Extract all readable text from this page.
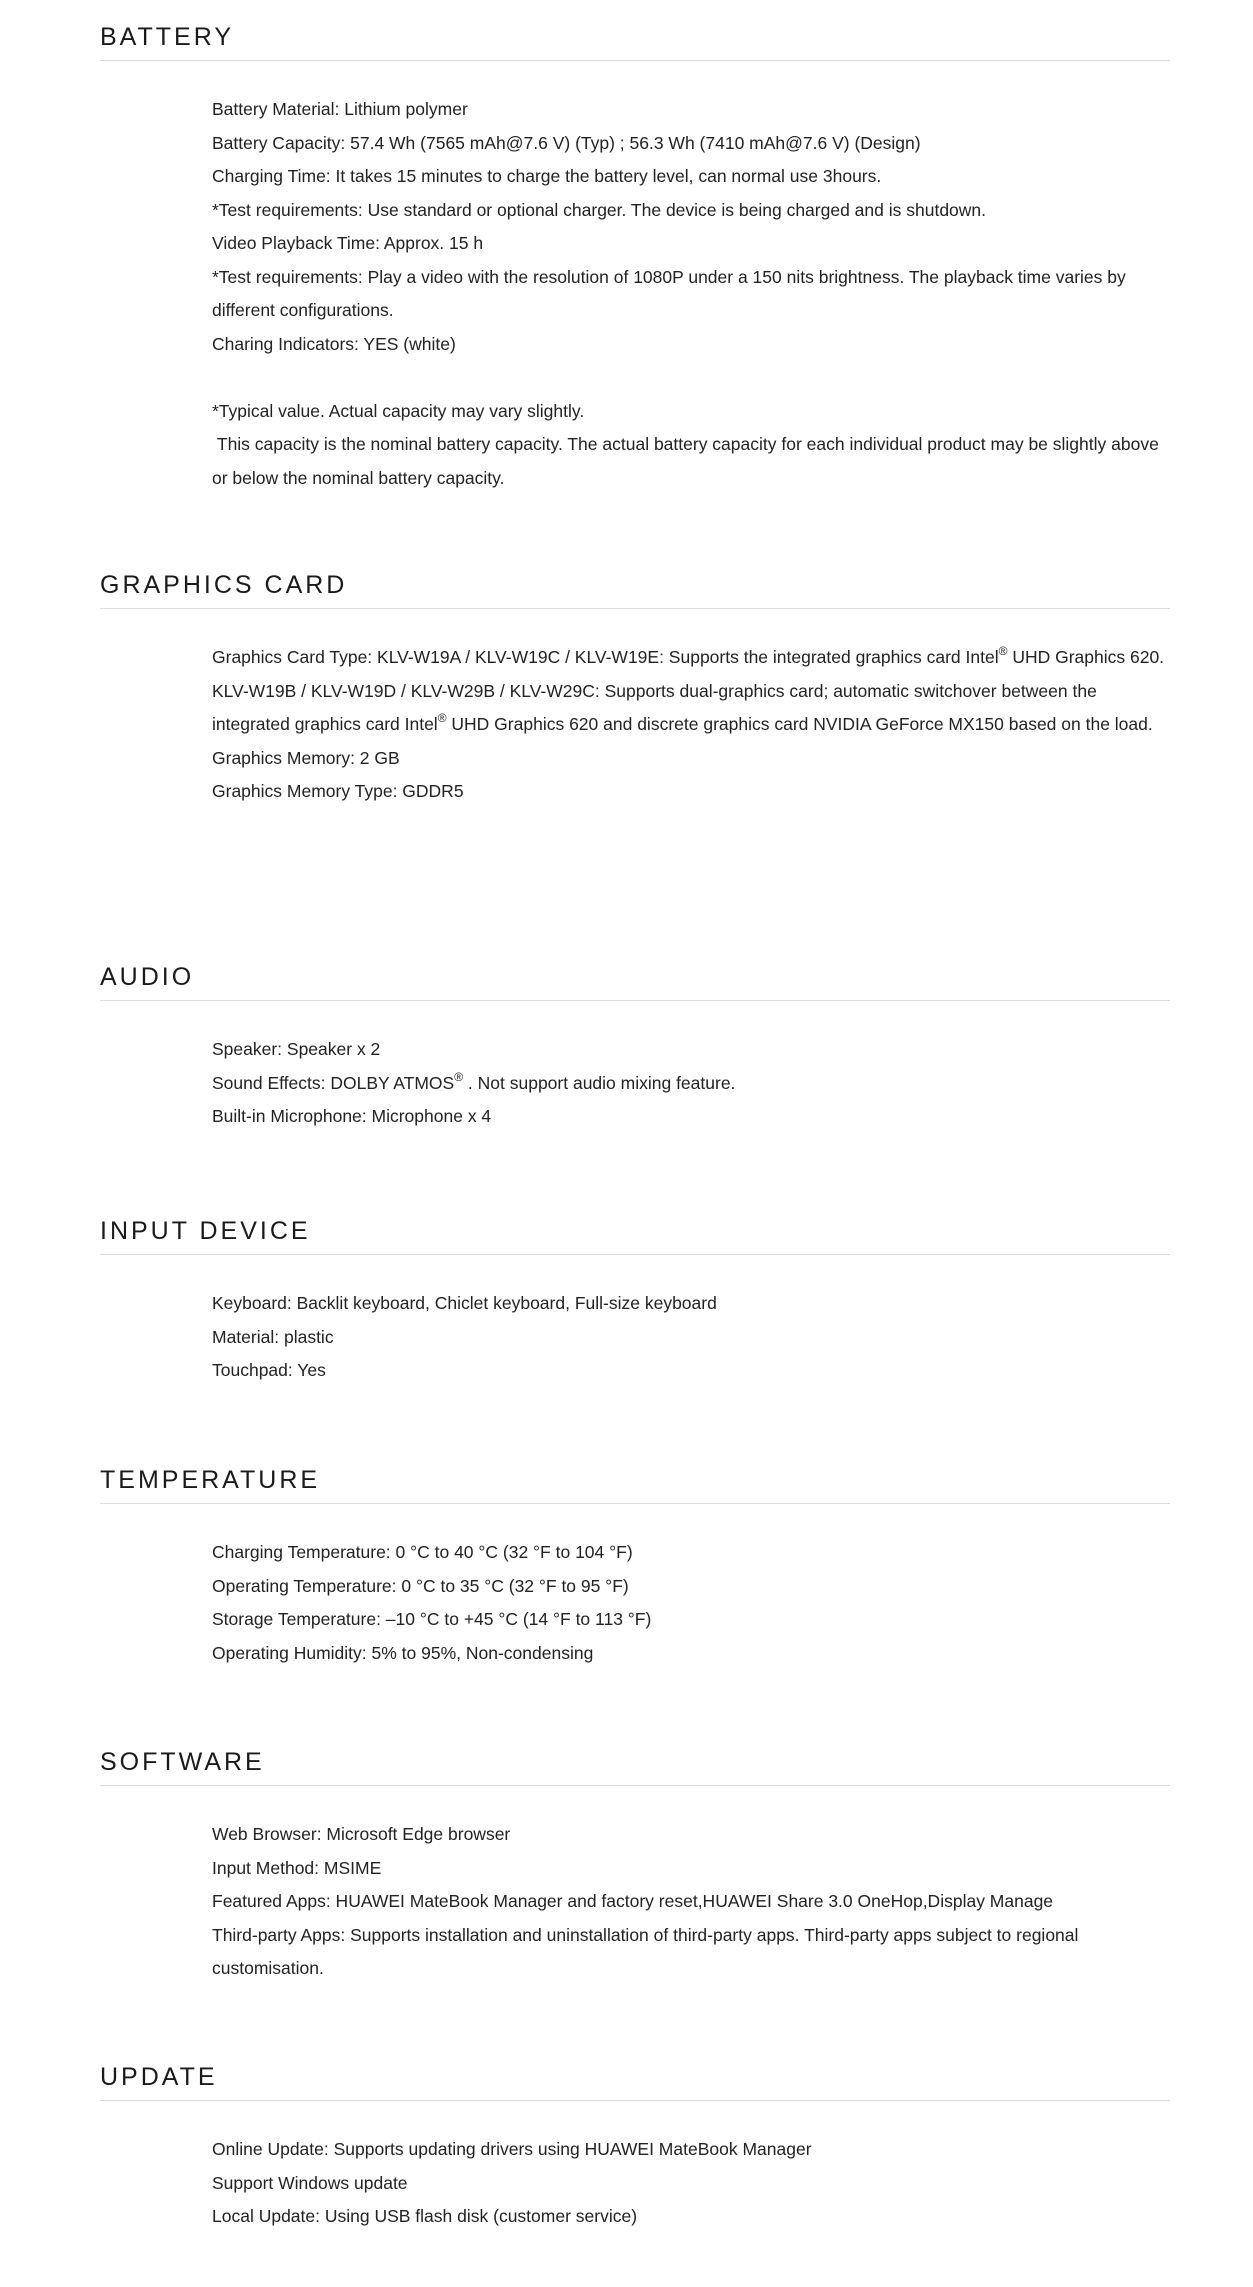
BATTERY
Battery Material: Lithium polymer
Battery Capacity: 57.4 Wh (7565 mAh@7.6 V) (Typ) ; 56.3 Wh (7410 mAh@7.6 V) (Design)
Charging Time: It takes 15 minutes to charge the battery level, can normal use 3hours.
*Test requirements: Use standard or optional charger. The device is being charged and is shutdown.
Video Playback Time: Approx. 15 h
*Test requirements: Play a video with the resolution of 1080P under a 150 nits brightness. The playback time varies by different configurations.
Charing Indicators: YES (white)
*Typical value. Actual capacity may vary slightly.
This capacity is the nominal battery capacity. The actual battery capacity for each individual product may be slightly above or below the nominal battery capacity.
GRAPHICS CARD
Graphics Card Type: KLV-W19A / KLV-W19C / KLV-W19E: Supports the integrated graphics card Intel® UHD Graphics 620.
KLV-W19B / KLV-W19D / KLV-W29B / KLV-W29C: Supports dual-graphics card; automatic switchover between the integrated graphics card Intel® UHD Graphics 620 and discrete graphics card NVIDIA GeForce MX150 based on the load.
Graphics Memory: 2 GB
Graphics Memory Type: GDDR5
AUDIO
Speaker: Speaker x 2
Sound Effects: DOLBY ATMOS® . Not support audio mixing feature.
Built-in Microphone: Microphone x 4
INPUT DEVICE
Keyboard: Backlit keyboard, Chiclet keyboard, Full-size keyboard
Material: plastic
Touchpad: Yes
TEMPERATURE
Charging Temperature: 0 °C to 40 °C (32 °F to 104 °F)
Operating Temperature: 0 °C to 35 °C (32 °F to 95 °F)
Storage Temperature: –10 °C to +45 °C (14 °F to 113 °F)
Operating Humidity: 5% to 95%, Non-condensing
SOFTWARE
Web Browser: Microsoft Edge browser
Input Method: MSIME
Featured Apps: HUAWEI MateBook Manager and factory reset,HUAWEI Share 3.0 OneHop,Display Manage
Third-party Apps: Supports installation and uninstallation of third-party apps. Third-party apps subject to regional customisation.
UPDATE
Online Update: Supports updating drivers using HUAWEI MateBook Manager
Support Windows update
Local Update: Using USB flash disk (customer service)
